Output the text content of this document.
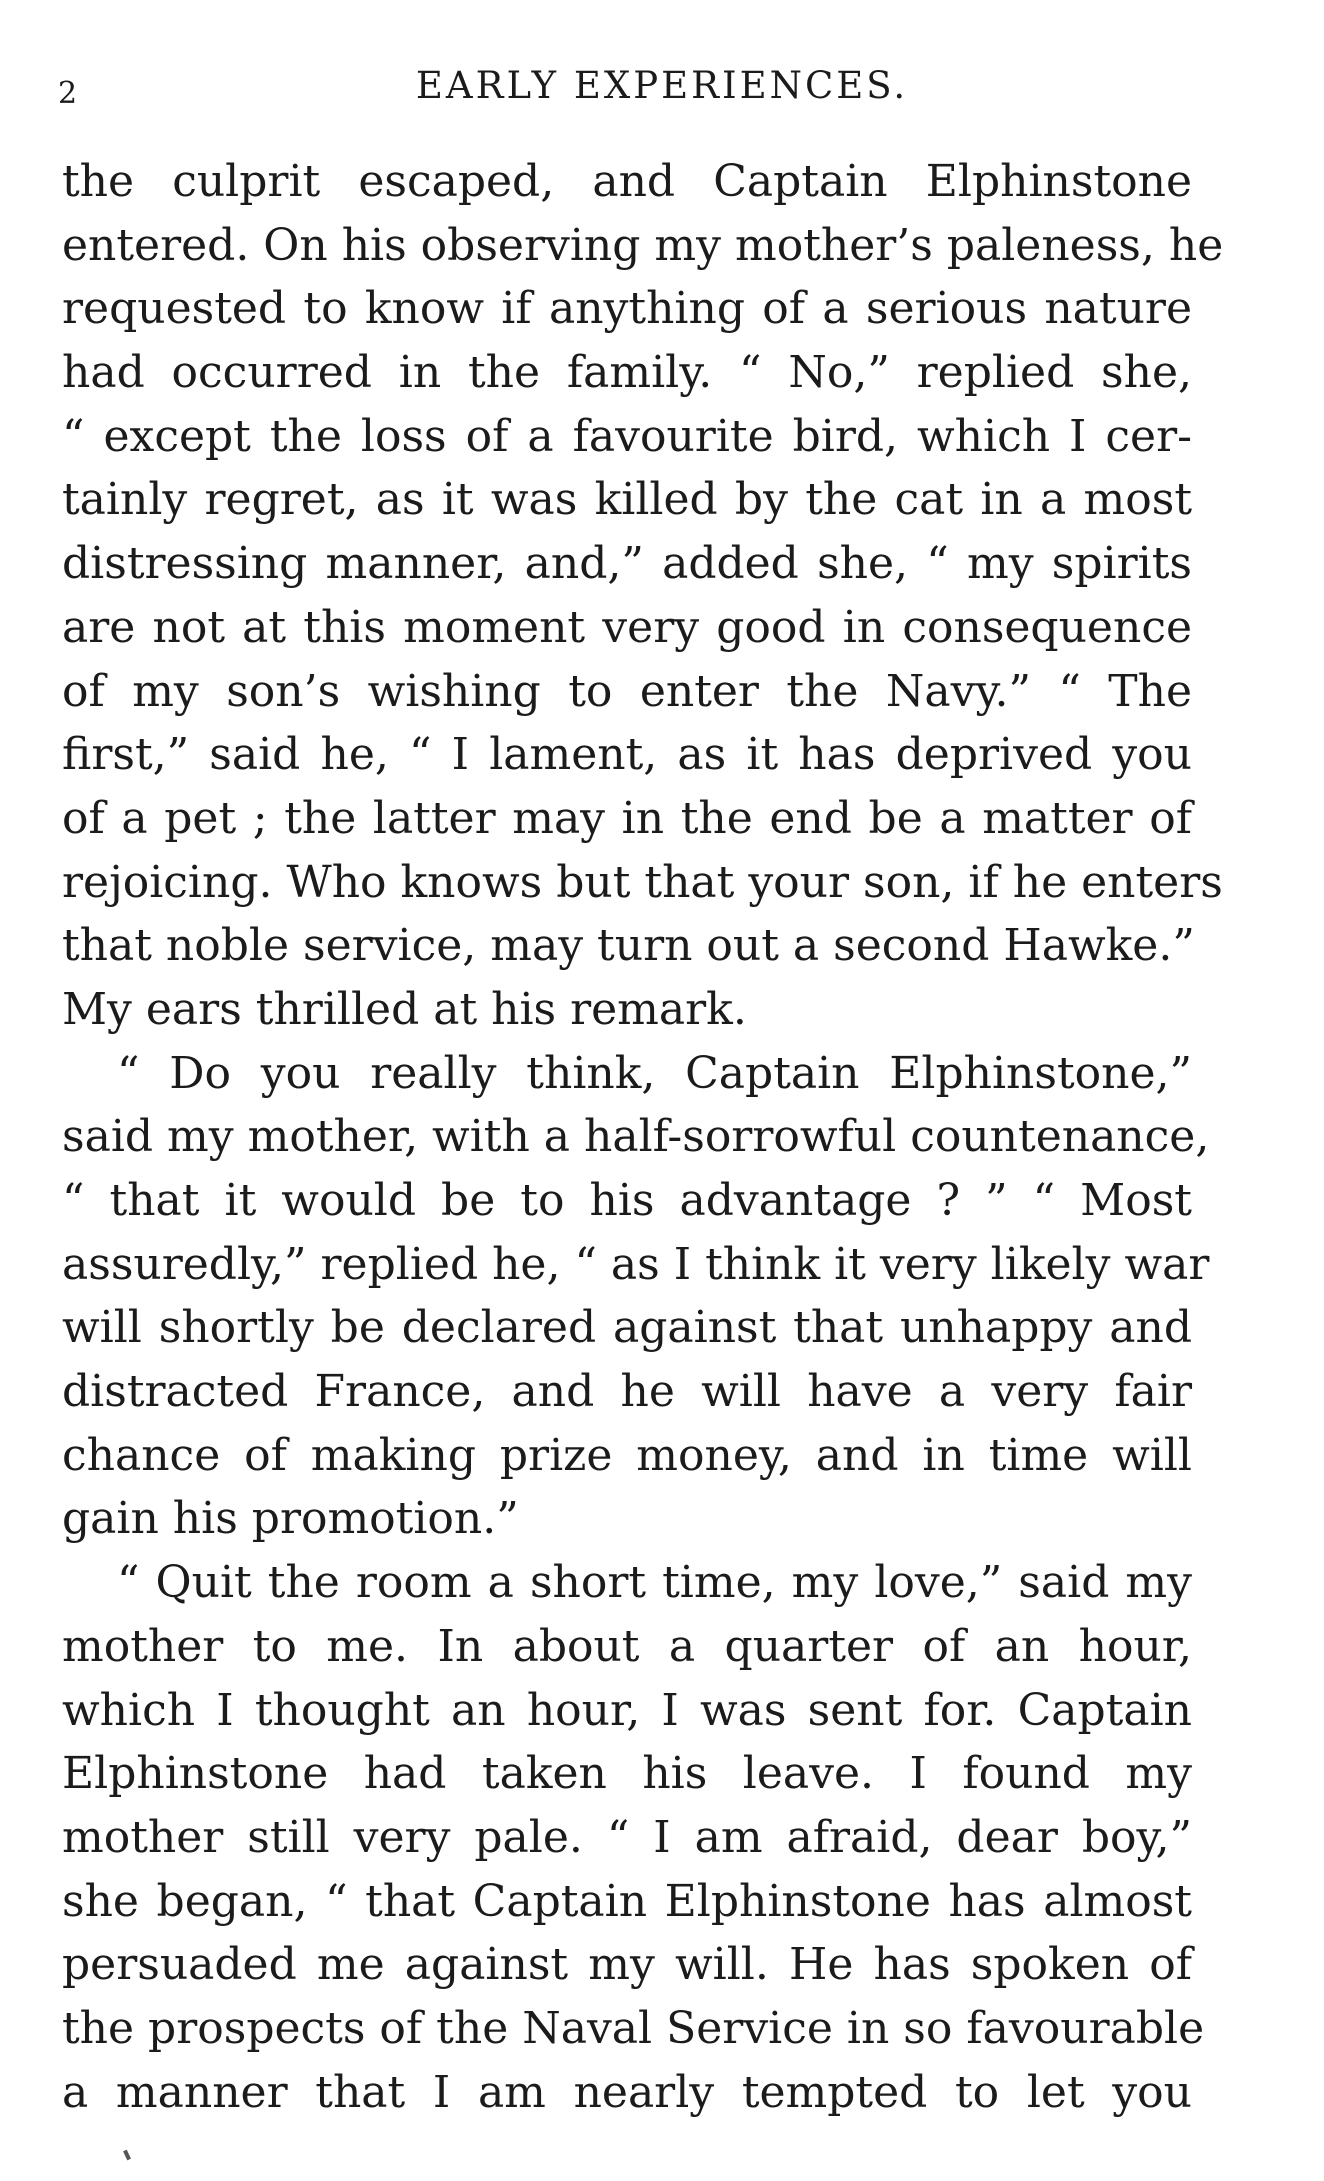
2	EARLY EXPERIENCES.
the culprit escaped, and Captain Elphinstone
entered. On his observing my mother’s paleness, he
requested to know if anything of a serious nature
had occurred in the family. “ No,” replied she,
“ except the loss of a favourite bird, which I cer-
tainly regret, as it was killed by the cat in a most
distressing manner, and,” added she, “ my spirits
are not at this moment very good in consequence
of my son’s wishing to enter the Navy.” “ The
first,” said he, “ I lament, as it has deprived you
of a pet ; the latter may in the end be a matter of
rejoicing. Who knows but that your son, if he enters
that noble service, may turn out a second Hawke.”
My ears thrilled at his remark.
“ Do you really think, Captain Elphinstone,”
said my mother, with a half-sorrowful countenance,
“ that it would be to his advantage ? ” “ Most
assuredly,” replied he, “ as I think it very likely war
will shortly be declared against that unhappy and
distracted France, and he will have a very fair
chance of making prize money, and in time will
gain his promotion.”
“ Quit the room a short time, my love,” said my
mother to me. In about a quarter of an hour,
which I thought an hour, I was sent for. Captain
Elphinstone had taken his leave. I found my
mother still very pale. “ I am afraid, dear boy,”
she began, “ that Captain Elphinstone has almost
persuaded me against my will. He has spoken of
the prospects of the Naval Service in so favourable
a manner that I am nearly tempted to let you
